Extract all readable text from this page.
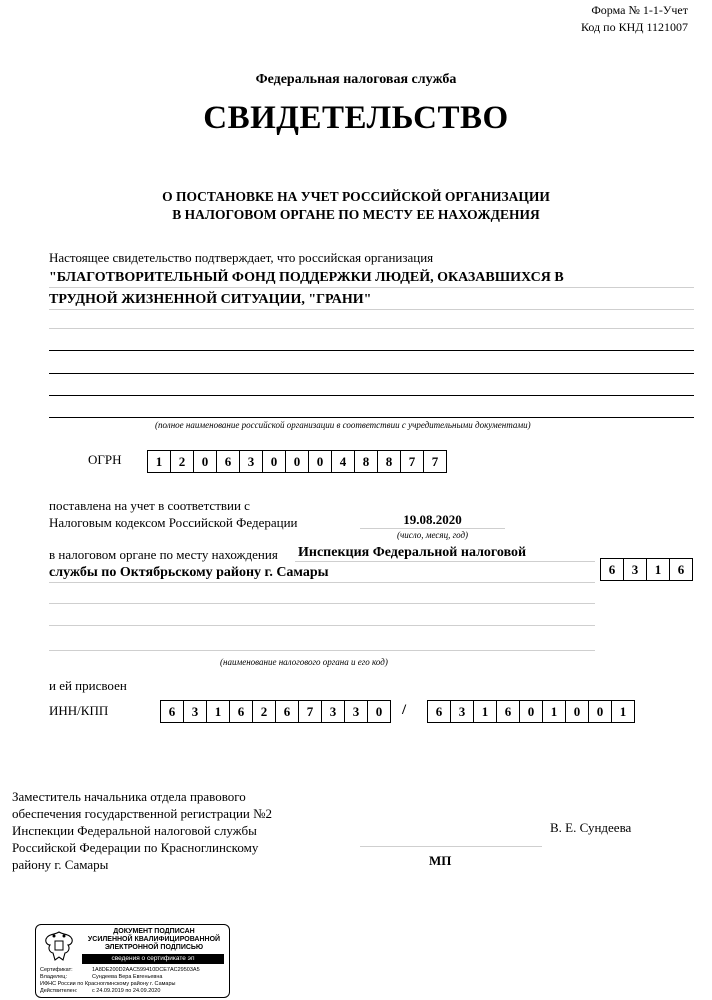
Форма № 1-1-Учет
Код по КНД 1121007
Федеральная налоговая служба
СВИДЕТЕЛЬСТВО
О ПОСТАНОВКЕ НА УЧЕТ РОССИЙСКОЙ ОРГАНИЗАЦИИ
В НАЛОГОВОМ ОРГАНЕ ПО МЕСТУ ЕЕ НАХОЖДЕНИЯ
Настоящее свидетельство подтверждает, что российская организация
"БЛАГОТВОРИТЕЛЬНЫЙ ФОНД ПОДДЕРЖКИ ЛЮДЕЙ, ОКАЗАВШИХСЯ В
ТРУДНОЙ ЖИЗНЕННОЙ СИТУАЦИИ, "ГРАНИ"
(полное наименование российской организации в соответствии с учредительными документами)
ОГРН	1	2	0	6	3	0	0	0	4	8	8	7	7
поставлена на учет в соответствии с
Налоговым кодексом Российской Федерации	19.08.2020
(число, месяц, год)
в налоговом органе по месту нахождения Инспекция Федеральной налоговой
службы по Октябрьскому району г. Самары	6	3	1	6
(наименование налогового органа и его код)
и ей присвоен
ИНН/КПП	6	3	1	6	2	6	7	3	3	0	/	6	3	1	6	0	1	0	0	1
Заместитель начальника отдела правового
обеспечения государственной регистрации №2
Инспекции Федеральной налоговой службы
Российской Федерации по Красноглинскому
району г. Самары
В. Е. Сундеева
МП
ДОКУМЕНТ ПОДПИСАН
УСИЛЕННОЙ КВАЛИФИЦИРОВАННОЙ
ЭЛЕКТРОННОЙ ПОДПИСЬЮ
сведения о сертификате эп
Сертификат:	1A8DE200D2AAC599410DCE7AC29503A5
Владелец:	Сундеева Вера Евгеньевна
ИФНС России по Красноглинскому району г. Самары
Действителен:	с 24.09.2019 по 24.09.2020
